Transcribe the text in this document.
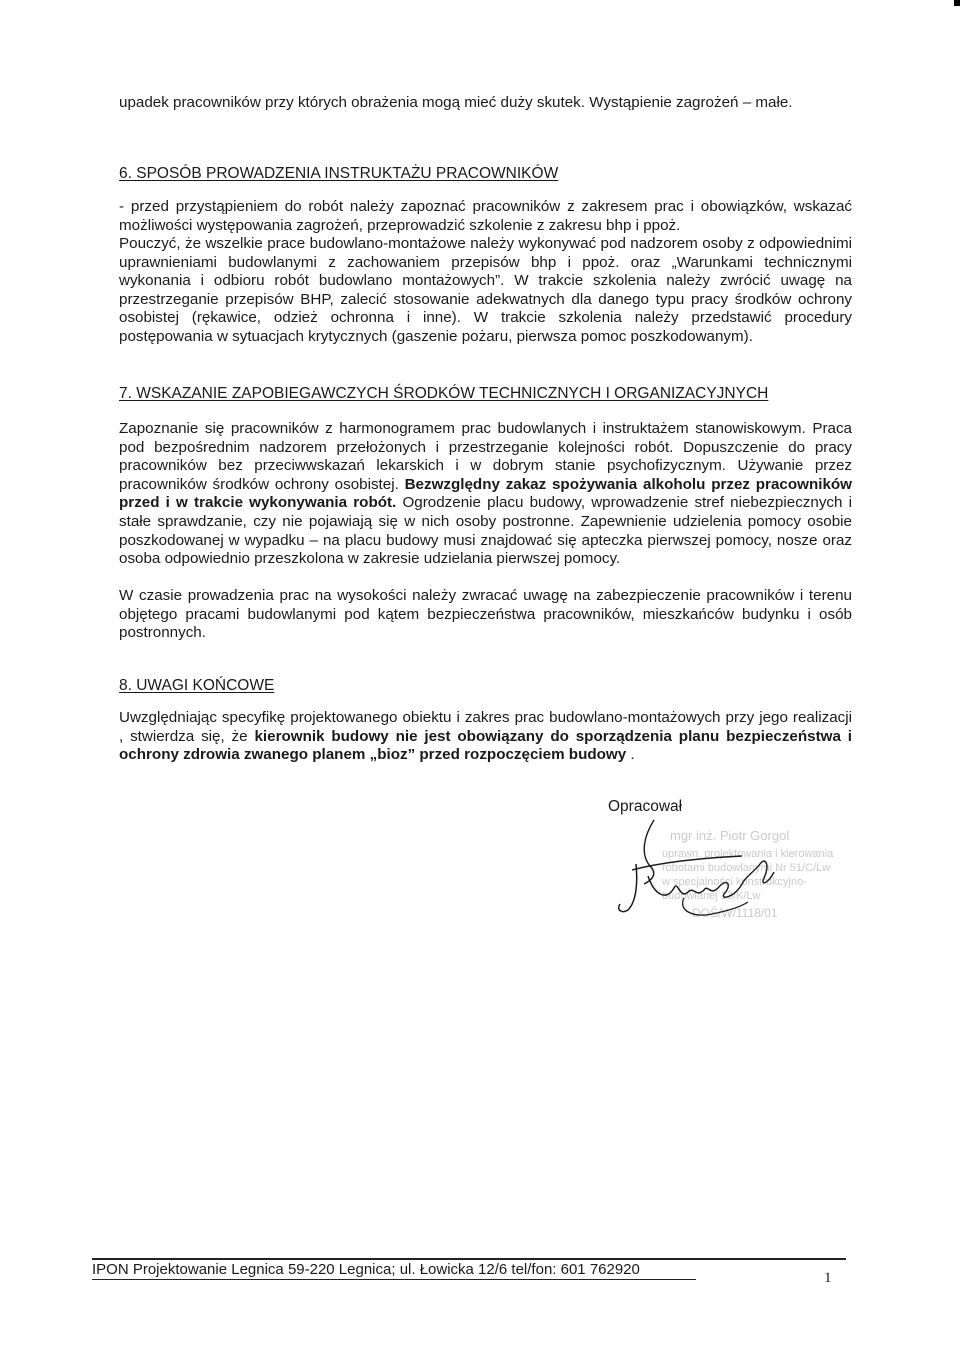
upadek pracowników przy których obrażenia mogą mieć duży skutek. Wystąpienie zagrożeń – małe.
6. SPOSÓB PROWADZENIA INSTRUKTAŻU PRACOWNIKÓW
- przed przystąpieniem do robót należy zapoznać pracowników z zakresem prac i obowiązków, wskazać możliwości występowania zagrożeń, przeprowadzić szkolenie z zakresu bhp i ppoż.
Pouczyć, że wszelkie prace budowlano-montażowe należy wykonywać pod nadzorem osoby z odpowiednimi uprawnieniami budowlanymi z zachowaniem przepisów bhp i ppoż. oraz „Warunkami technicznymi wykonania i odbioru robót budowlano montażowych”. W trakcie szkolenia należy zwrócić uwagę na przestrzeganie przepisów BHP, zalecić stosowanie adekwatnych dla danego typu pracy środków ochrony osobistej (rękawice, odzież ochronna i inne). W trakcie szkolenia należy przedstawić procedury postępowania w sytuacjach krytycznych (gaszenie pożaru, pierwsza pomoc poszkodowanym).
7. WSKAZANIE ZAPOBIEGAWCZYCH ŚRODKÓW TECHNICZNYCH I ORGANIZACYJNYCH
Zapoznanie się pracowników z harmonogramem prac budowlanych i instruktażem stanowiskowym. Praca pod bezpośrednim nadzorem przełożonych i przestrzeganie kolejności robót. Dopuszczenie do pracy pracowników bez przeciwwskazań lekarskich i w dobrym stanie psychofizycznym. Używanie przez pracowników środków ochrony osobistej. Bezwzględny zakaz spożywania alkoholu przez pracowników przed i w trakcie wykonywania robót. Ogrodzenie placu budowy, wprowadzenie stref niebezpiecznych i stałe sprawdzanie, czy nie pojawiają się w nich osoby postronne. Zapewnienie udzielenia pomocy osobie poszkodowanej w wypadku – na placu budowy musi znajdować się apteczka pierwszej pomocy, nosze oraz osoba odpowiednio przeszkolona w zakresie udzielania pierwszej pomocy.
W czasie prowadzenia prac na wysokości należy zwracać uwagę na zabezpieczenie pracowników i terenu objętego pracami budowlanymi pod kątem bezpieczeństwa pracowników, mieszkańców budynku i osób postronnych.
8. UWAGI KOŃCOWE
Uwzględniając specyfikę projektowanego obiektu i zakres prac budowlano-montażowych przy jego realizacji , stwierdza się, że kierownik budowy nie jest obowiązany do sporządzenia planu bezpieczeństwa i ochrony zdrowia zwanego planem „bioz” przed rozpoczęciem budowy .
Opracował
mgr inż. Piotr Gorgol
uprawn. projektowania i kierowania
robotami budowlanymi Nr 51/C/Lw
w specjalności konstrukcyjno-
budowlanej 13/K/Lw
DOŚ/W/1118/01
IPON Projektowanie Legnica 59-220 Legnica; ul. Łowicka 12/6 tel/fon: 601 762920	1
